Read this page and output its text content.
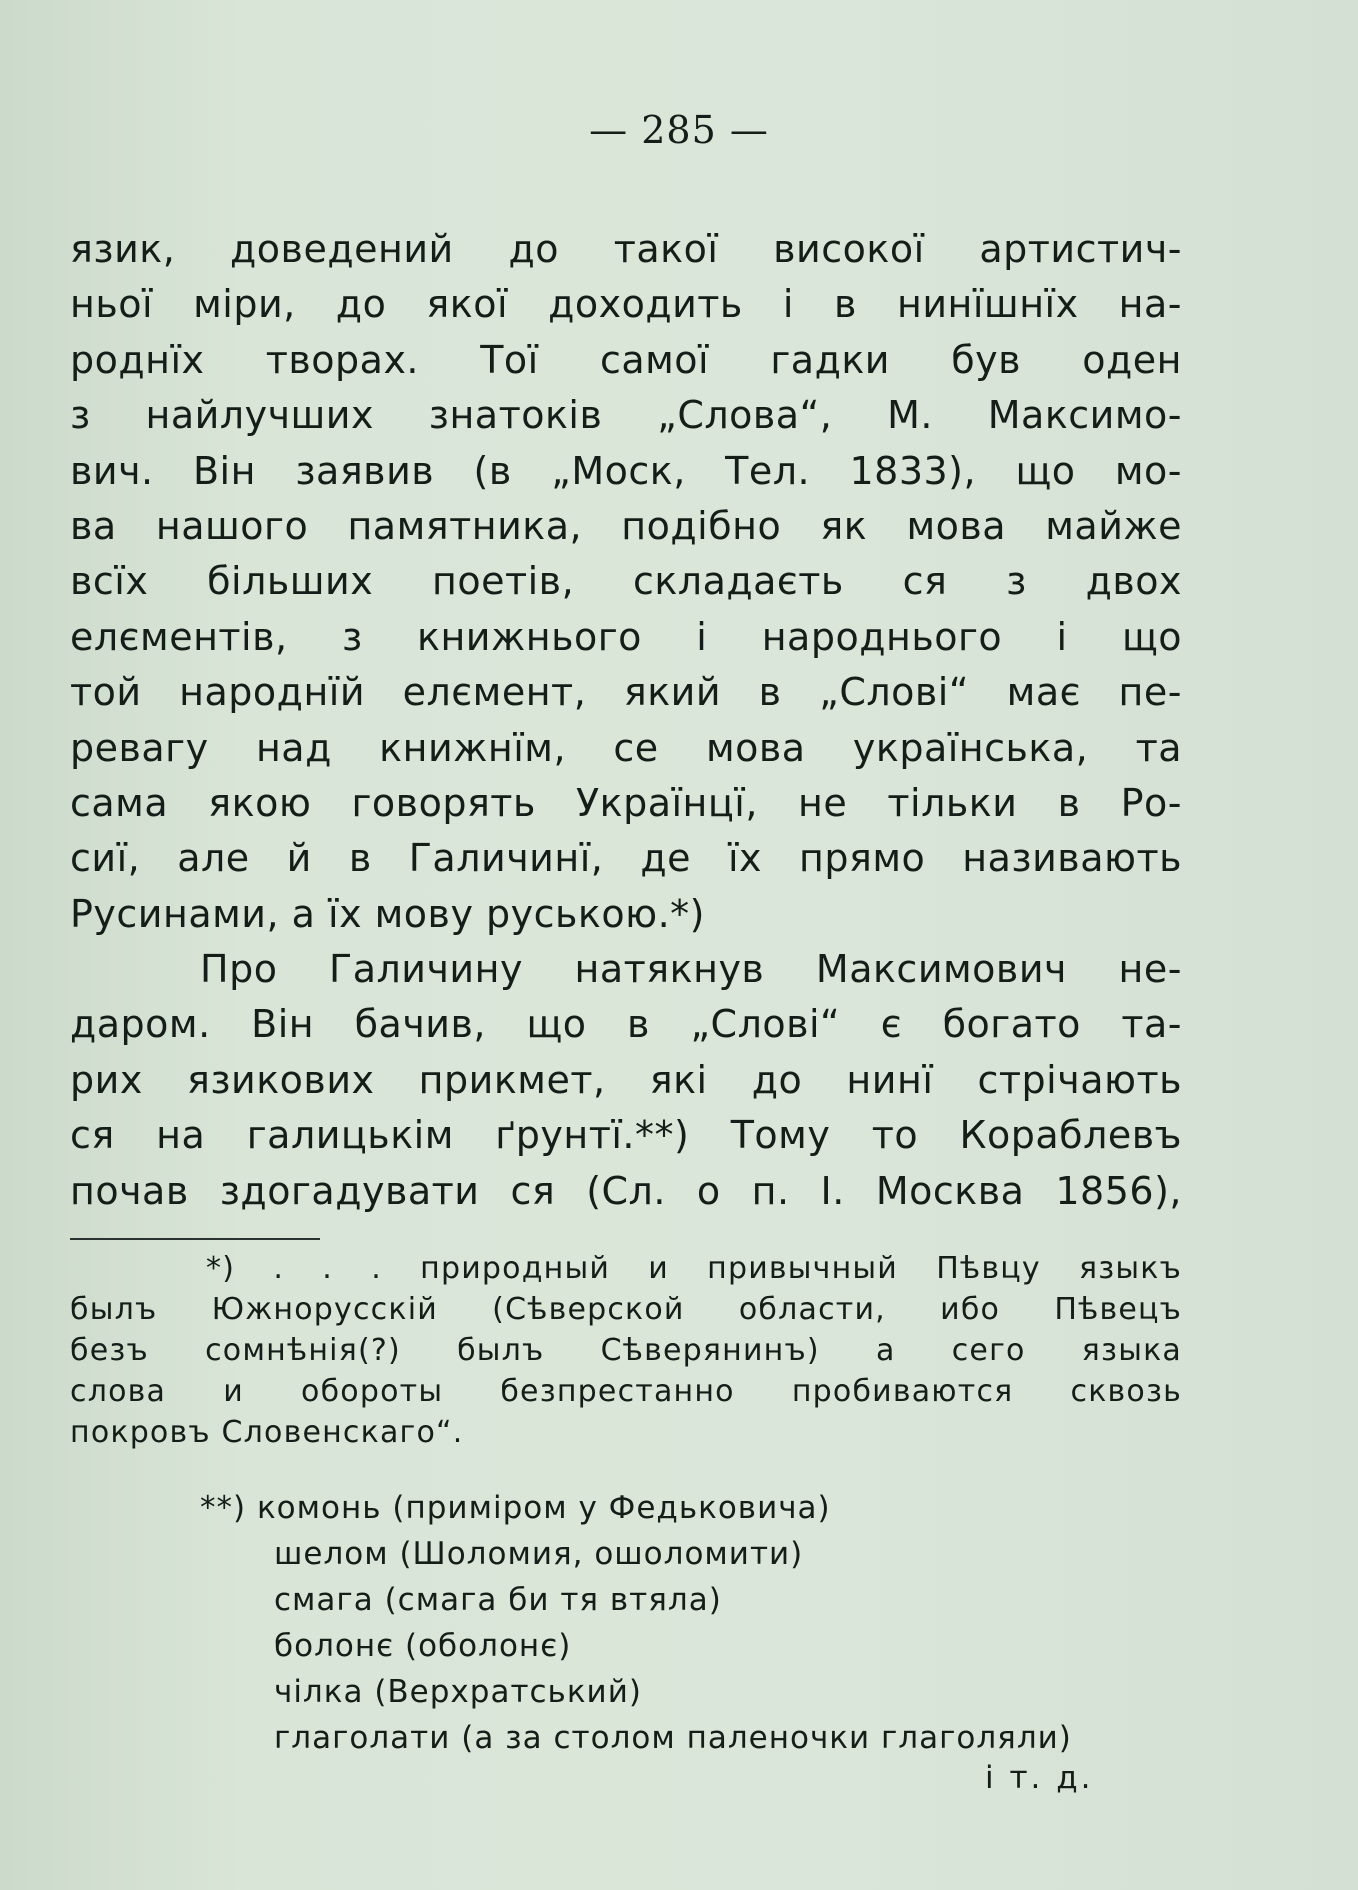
— 285 —
язик, доведений до такої високої артистич-
ньої міри, до якої доходить і в нинїшнїх на-
роднїх творах. Тої самої гадки був оден
з найлучших знатоків „Слова“, М. Максимо-
вич. Він заявив (в „Моск, Тел. 1833), що мо-
ва нашого памятника, подібно як мова майже
всїх більших поетів, складаєть ся з двох
елєментів, з книжнього і народнього і що
той народнїй елємент, який в „Слові“ має пе-
ревагу над книжнїм, се мова українська, та
сама якою говорять Українцї, не тільки в Ро-
сиї, але й в Галичинї, де їх прямо називають
Русинами, а їх мову руською.*)
Про Галичину натякнув Максимович не-
даром. Він бачив, що в „Слові“ є богато та-
рих язикових прикмет, які до нинї стрічають
ся на галицькім ґрунтї.**) Тому то Кораблевъ
почав здогадувати ся (Сл. о п. І. Москва 1856),
*) . . . природный и привычный Пѣвцу языкъ
былъ Южнорусскій (Сѣверской области, ибо Пѣвецъ
безъ сомнѣнія(?) былъ Сѣверянинъ) а сего языка
слова и обороты безпрестанно пробиваются сквозь
покровъ Словенскаго“.
**) комонь (приміром у Федьковича)
шелом (Шоломия, ошоломити)
смага (смага би тя втяла)
болонє (оболонє)
чілка (Верхратський)
глаголати (а за столом паленочки глаголяли)
і т. д.
